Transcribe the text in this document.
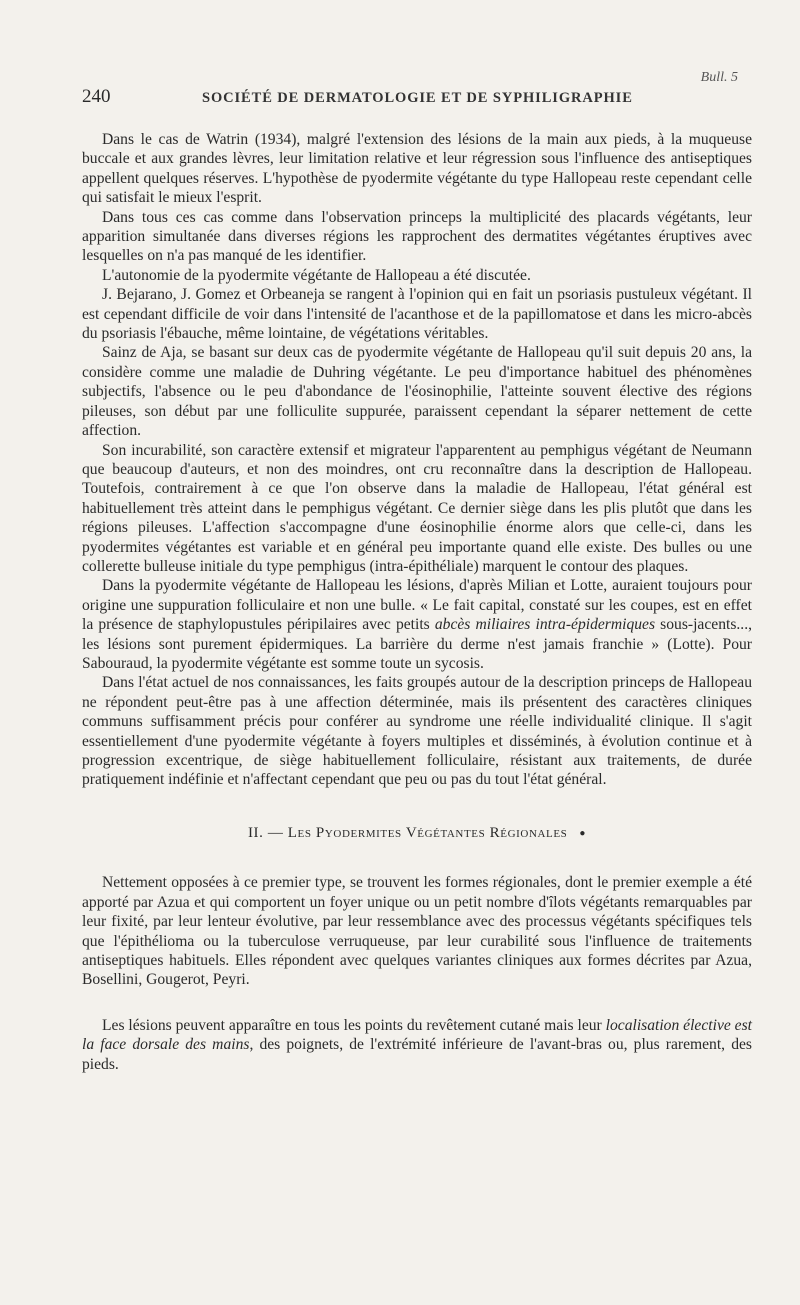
Bull. 5
240	SOCIÉTÉ DE DERMATOLOGIE ET DE SYPHILIGRAPHIE

Dans le cas de Watrin (1934), malgré l'extension des lésions de la main aux pieds, à la muqueuse buccale et aux grandes lèvres, leur limitation relative et leur régression sous l'influence des antiseptiques appellent quelques réserves. L'hypothèse de pyodermite végétante du type Hallopeau reste cependant celle qui satisfait le mieux l'esprit.

Dans tous ces cas comme dans l'observation princeps la multiplicité des placards végétants, leur apparition simultanée dans diverses régions les rapprochent des dermatites végétantes éruptives avec lesquelles on n'a pas manqué de les identifier.

L'autonomie de la pyodermite végétante de Hallopeau a été discutée.

J. Bejarano, J. Gomez et Orbeaneja se rangent à l'opinion qui en fait un psoriasis pustuleux végétant. Il est cependant difficile de voir dans l'intensité de l'acanthose et de la papillomatose et dans les micro-abcès du psoriasis l'ébauche, même lointaine, de végétations véritables.

Sainz de Aja, se basant sur deux cas de pyodermite végétante de Hallopeau qu'il suit depuis 20 ans, la considère comme une maladie de Duhring végétante. Le peu d'importance habituel des phénomènes subjectifs, l'absence ou le peu d'abondance de l'éosinophilie, l'atteinte souvent élective des régions pileuses, son début par une folliculite suppurée, paraissent cependant la séparer nettement de cette affection.

Son incurabilité, son caractère extensif et migrateur l'apparentent au pemphigus végétant de Neumann que beaucoup d'auteurs, et non des moindres, ont cru reconnaître dans la description de Hallopeau. Toutefois, contrairement à ce que l'on observe dans la maladie de Hallopeau, l'état général est habituellement très atteint dans le pemphigus végétant. Ce dernier siège dans les plis plutôt que dans les régions pileuses. L'affection s'accompagne d'une éosinophilie énorme alors que celle-ci, dans les pyodermites végétantes est variable et en général peu importante quand elle existe. Des bulles ou une collerette bulleuse initiale du type pemphigus (intra-épithéliale) marquent le contour des plaques.

Dans la pyodermite végétante de Hallopeau les lésions, d'après Milian et Lotte, auraient toujours pour origine une suppuration folliculaire et non une bulle. « Le fait capital, constaté sur les coupes, est en effet la présence de staphylopustules péripilaires avec petits abcès miliaires intra-épidermiques sous-jacents..., les lésions sont purement épidermiques. La barrière du derme n'est jamais franchie » (Lotte). Pour Sabouraud, la pyodermite végétante est somme toute un sycosis.

Dans l'état actuel de nos connaissances, les faits groupés autour de la description princeps de Hallopeau ne répondent peut-être pas à une affection déterminée, mais ils présentent des caractères cliniques communs suffisamment précis pour conférer au syndrome une réelle individualité clinique. Il s'agit essentiellement d'une pyodermite végétante à foyers multiples et disséminés, à évolution continue et à progression excentrique, de siège habituellement folliculaire, résistant aux traitements, de durée pratiquement indéfinie et n'affectant cependant que peu ou pas du tout l'état général.

II. — Les Pyodermites Végétantes Régionales ●

Nettement opposées à ce premier type, se trouvent les formes régionales, dont le premier exemple a été apporté par Azua et qui comportent un foyer unique ou un petit nombre d'îlots végétants remarquables par leur fixité, par leur lenteur évolutive, par leur ressemblance avec des processus végétants spécifiques tels que l'épithélioma ou la tuberculose verruqueuse, par leur curabilité sous l'influence de traitements antiseptiques habituels. Elles répondent avec quelques variantes cliniques aux formes décrites par Azua, Bosellini, Gougerot, Peyri.

Les lésions peuvent apparaître en tous les points du revêtement cutané mais leur localisation élective est la face dorsale des mains, des poignets, de l'extrémité inférieure de l'avant-bras ou, plus rarement, des pieds.
